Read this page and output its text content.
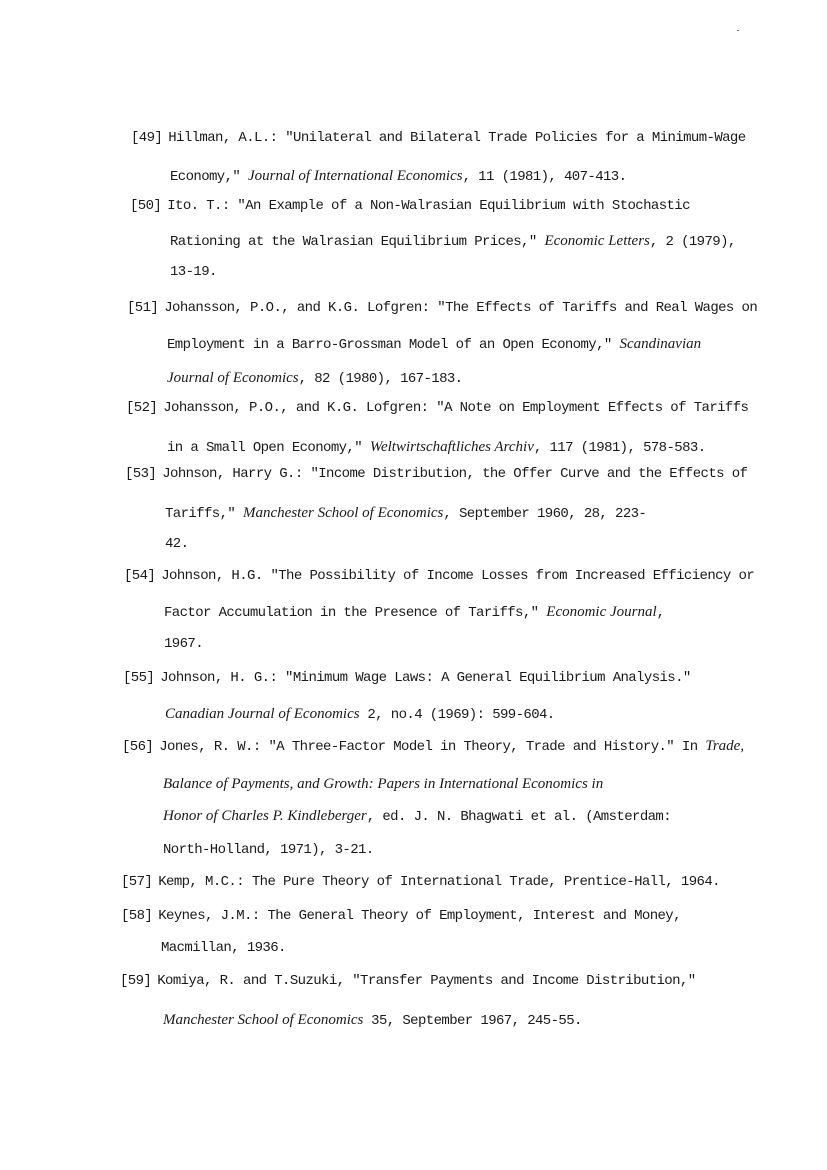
[49] Hillman, A.L.: "Unilateral and Bilateral Trade Policies for a Minimum-Wage
Economy," Journal of International Economics, 11 (1981), 407-413.
[50] Ito. T.: "An Example of a Non-Walrasian Equilibrium with Stochastic
Rationing at the Walrasian Equilibrium Prices," Economic Letters, 2 (1979),
13-19.
[51] Johansson, P.O., and K.G. Lofgren: "The Effects of Tariffs and Real Wages on
Employment in a Barro-Grossman Model of an Open Economy," Scandinavian
Journal of Economics, 82 (1980), 167-183.
[52] Johansson, P.O., and K.G. Lofgren: "A Note on Employment Effects of Tariffs
in a Small Open Economy," Weltwirtschaftliches Archiv, 117 (1981), 578-583.
[53] Johnson, Harry G.: "Income Distribution, the Offer Curve and the Effects of
Tariffs," Manchester School of Economics, September 1960, 28, 223-
42.
[54] Johnson, H.G. "The Possibility of Income Losses from Increased Efficiency or
Factor Accumulation in the Presence of Tariffs," Economic Journal,
1967.
[55] Johnson, H. G.: "Minimum Wage Laws: A General Equilibrium Analysis."
Canadian Journal of Economics 2, no.4 (1969): 599-604.
[56] Jones, R. W.: "A Three-Factor Model in Theory, Trade and History." In Trade,
Balance of Payments, and Growth: Papers in International Economics in
Honor of Charles P. Kindleberger, ed. J. N. Bhagwati et al. (Amsterdam:
North-Holland, 1971), 3-21.
[57] Kemp, M.C.: The Pure Theory of International Trade, Prentice-Hall, 1964.
[58] Keynes, J.M.: The General Theory of Employment, Interest and Money,
Macmillan, 1936.
[59] Komiya, R. and T.Suzuki, "Transfer Payments and Income Distribution,"
Manchester School of Economics 35, September 1967, 245-55.
